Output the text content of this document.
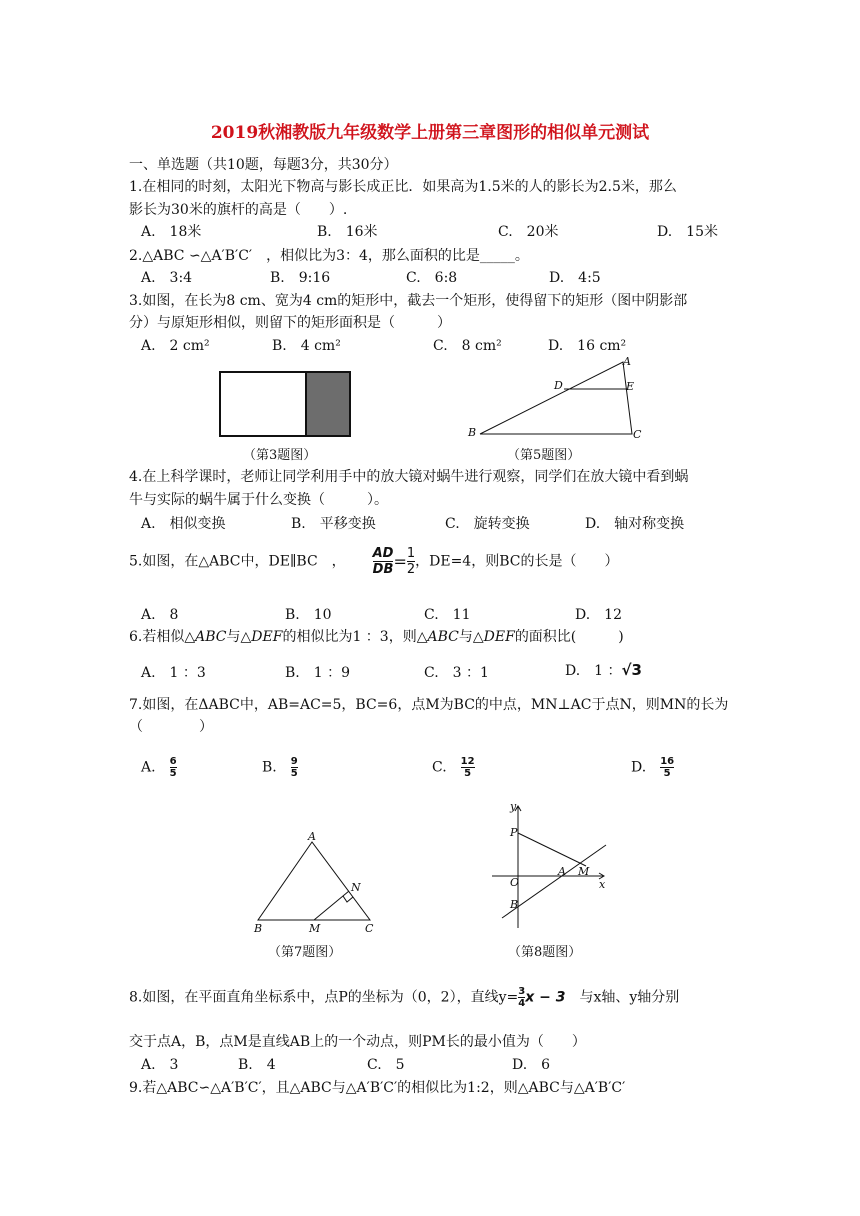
2019秋湘教版九年级数学上册第三章图形的相似单元测试
一、单选题（共10题，每题3分，共30分）
1.在相同的时刻，太阳光下物高与影长成正比．如果高为1.5米的人的影长为2.5米，那么
影长为30米的旗杆的高是（　　）.
A.　18米	B.　16米	C.　20米	D.　15米
2.△ABC ∽△A′B′C′　，相似比为3：4，那么面积的比是_____。
A.　3:4	B.　9:16	C.　6:8	D.　4:5
3.如图，在长为8 cm、宽为4 cm的矩形中，截去一个矩形，使得留下的矩形（图中阴影部
分）与原矩形相似，则留下的矩形面积是（　　　）
A.　2 cm²	B.　4 cm²	C.　8 cm²	D.　16 cm²
（第3题图）
A
B	C
D	E
（第5题图）
4.在上科学课时，老师让同学利用手中的放大镜对蜗牛进行观察，同学们在放大镜中看到蜗
牛与实际的蜗牛属于什么变换（　　　）。
A.　相似变换	B.　平移变换	C.　旋转变换	D.　轴对称变换
5.如图，在△ABC中，DE∥BC　， $\frac{AD}{DB} = \frac{1}{2}$ ，DE=4，则BC的长是（　　）
A.　8	B.　10	C.　11	D.　12
6.若相似△ABC与△DEF的相似比为1 ：3，则△ABC与△DEF的面积比(　　　)
A.　1 ：3	B.　1 ：9	C.　3 ：1	D.　1 ：√3
7.如图，在ΔABC中，AB=AC=5，BC=6，点M为BC的中点，MN⊥AC于点N，则MN的长为
（　　　　）
A.　 $\frac{6}{5}$	B.　 $\frac{9}{5}$	C.　 $\frac{12}{5}$	D.　 $\frac{16}{5}$
A
B	C
M
N
（第7题图）
y
x
P
O
A M
B
（第8题图）
8.如图，在平面直角坐标系中，点P的坐标为（0，2），直线$y= \frac{3}{4}$ x − 3　 与x轴、y轴分别
交于点A，B，点M是直线AB上的一个动点，则PM长的最小值为（　　）
A.　3	B.　4	C.　5	D.　6
9.若△ABC∽△A′B′C′，且△ABC与△A′B′C′的相似比为1:2，则△ABC与△A′B′C′
